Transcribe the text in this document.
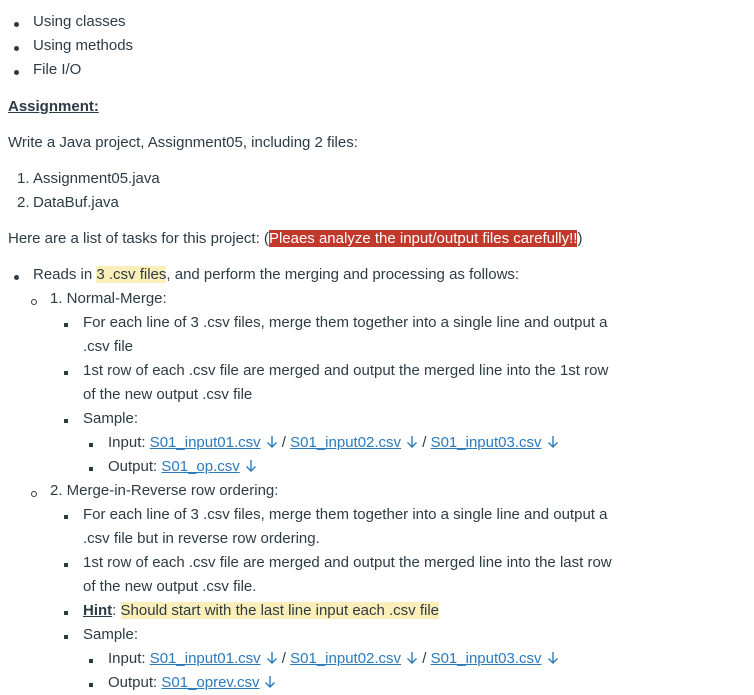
Using classes
Using methods
File I/O
Assignment:
Write a Java project, Assignment05, including 2 files:
1. Assignment05.java
2. DataBuf.java
Here are a list of tasks for this project: (Pleaes analyze the input/output files carefully!!)
Reads in 3 .csv files, and perform the merging and processing as follows:
1. Normal-Merge:
For each line of 3 .csv files, merge them together into a single line and output a
.csv file
1st row of each .csv file are merged and output the merged line into the 1st row
of the new output .csv file
Sample:
Input: S01_input01.csv
/ S01_input02.csv
/ S01_input03.csv
Output: S01_op.csv
2. Merge-in-Reverse row ordering:
For each line of 3 .csv files, merge them together into a single line and output a
.csv file but in reverse row ordering.
1st row of each .csv file are merged and output the merged line into the last row
of the new output .csv file.
Hint: Should start with the last line input each .csv file
Sample:
Input: S01_input01.csv
/ S01_input02.csv
/ S01_input03.csv
Output: S01_oprev.csv
